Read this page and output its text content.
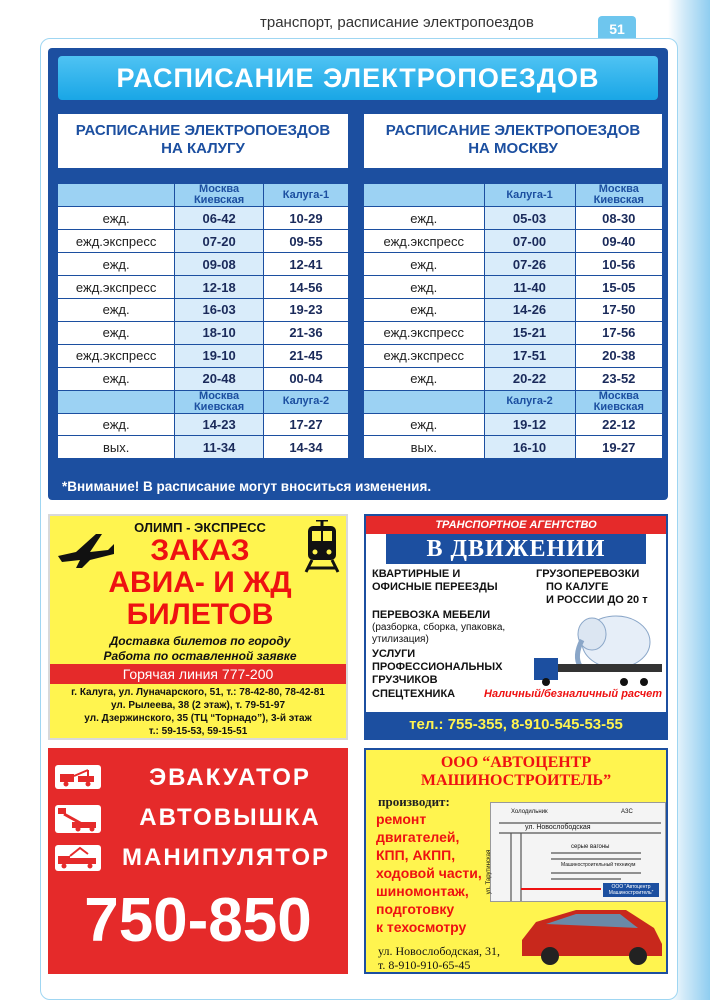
транспорт, расписание электропоездов	51
РАСПИСАНИЕ ЭЛЕКТРОПОЕЗДОВ
РАСПИСАНИЕ ЭЛЕКТРОПОЕЗДОВ
НА КАЛУГУ
РАСПИСАНИЕ ЭЛЕКТРОПОЕЗДОВ
НА МОСКВУ
	Москва Киевская	Калуга-1
ежд.	06-42	10-29
ежд.экспресс	07-20	09-55
ежд.	09-08	12-41
ежд.экспресс	12-18	14-56
ежд.	16-03	19-23
ежд.	18-10	21-36
ежд.экспресс	19-10	21-45
ежд.	20-48	00-04
	Москва Киевская	Калуга-2
ежд.	14-23	17-27
вых.	11-34	14-34
	Калуга-1	Москва Киевская
ежд.	05-03	08-30
ежд.экспресс	07-00	09-40
ежд.	07-26	10-56
ежд.	11-40	15-05
ежд.	14-26	17-50
ежд.экспресс	15-21	17-56
ежд.экспресс	17-51	20-38
ежд.	20-22	23-52
	Калуга-2	Москва Киевская
ежд.	19-12	22-12
вых.	16-10	19-27
*Внимание! В расписание могут вноситься изменения.
ОЛИМП - ЭКСПРЕСС
ЗАКАЗ
АВИА- И ЖД
БИЛЕТОВ
Доставка билетов по городу
Работа по оставленной заявке
Горячая линия 777-200
г. Калуга, ул. Луначарского, 51, т.: 78-42-80, 78-42-81
ул. Рылеева, 38 (2 этаж), т. 79-51-97
ул. Дзержинского, 35 (ТЦ “Торнадо”), 3-й этаж
т.: 59-15-53, 59-15-51
ТРАНСПОРТНОЕ АГЕНТСТВО
В ДВИЖЕНИИ
КВАРТИРНЫЕ И ОФИСНЫЕ ПЕРЕЕЗДЫ
ПЕРЕВОЗКА МЕБЕЛИ
(разборка, сборка, упаковка, утилизация)
УСЛУГИ ПРОФЕССИОНАЛЬНЫХ ГРУЗЧИКОВ
СПЕЦТЕХНИКА
ГРУЗОПЕРЕВОЗКИ
ПО КАЛУГЕ
И РОССИИ ДО 20 т
Наличный/безналичный расчет
тел.: 755-355, 8-910-545-53-55
ЭВАКУАТОР
АВТОВЫШКА
МАНИПУЛЯТОР
750-850
ООО “АВТОЦЕНТР
МАШИНОСТРОИТЕЛЬ”
производит:
ремонт
двигателей,
КПП, АКПП,
ходовой части,
шиномонтаж,
подготовку
к техосмотру
Холодильник	АЗС
ул. Новослободская
серые вагоны
Машиностроительный техникум
ООО “Автоцентр Машиностроитель”
ул. Тарутинская
ул. Новослободская, 31,
т. 8-910-910-65-45
